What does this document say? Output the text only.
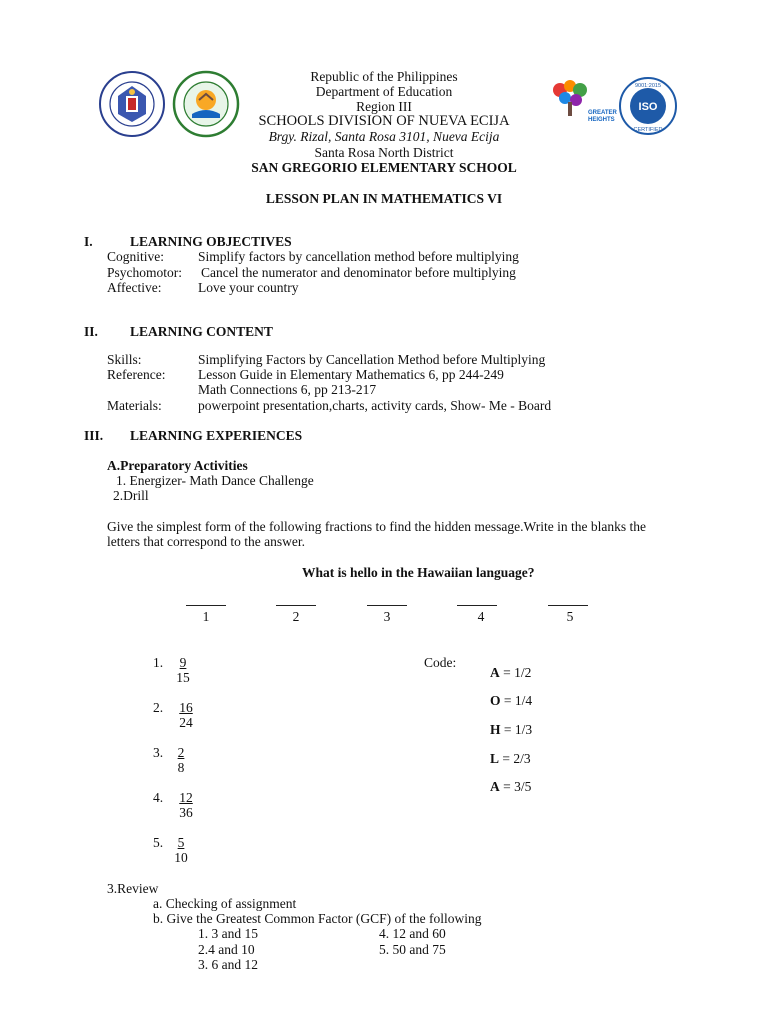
GREATER
HEIGHTS
ISO
9001:2015
CERTIFIED
Republic of the Philippines
Department of Education
Region III
SCHOOLS DIVISION OF NUEVA ECIJA
Brgy. Rizal, Santa Rosa 3101, Nueva Ecija
Santa Rosa North District
SAN GREGORIO ELEMENTARY SCHOOL
LESSON PLAN IN MATHEMATICS VI
I.	LEARNING OBJECTIVES
Cognitive:	Simplify factors by cancellation method before multiplying
Psychomotor: Cancel the numerator and denominator before multiplying
Affective:	Love your country
II. LEARNING CONTENT
Skills:	Simplifying Factors by Cancellation Method before Multiplying
Reference: Lesson Guide in Elementary Mathematics 6, pp 244-249
Math Connections 6, pp 213-217
Materials:	powerpoint presentation,charts, activity cards, Show- Me - Board
III. LEARNING EXPERIENCES
A.Preparatory Activities
1. Energizer- Math Dance Challenge
2.Drill
Give the simplest form of the following fractions to find the hidden message.Write in the blanks the
letters that correspond to the answer.
What is hello in the Hawaiian language?
1	2	3	4	5
1. $\frac{9}{15}$
2. $\frac{16}{24}$
3. $\frac{2}{8}$
4. $\frac{12}{36}$
5. $\frac{5}{10}$
Code:
A = 1/2
O = 1/4
H = 1/3
L = 2/3
A = 3/5
3.Review
a. Checking of assignment
b. Give the Greatest Common Factor (GCF) of the following
1. 3 and 15
2.4 and 10
3. 6 and 12
4. 12 and 60
5. 50 and 75
